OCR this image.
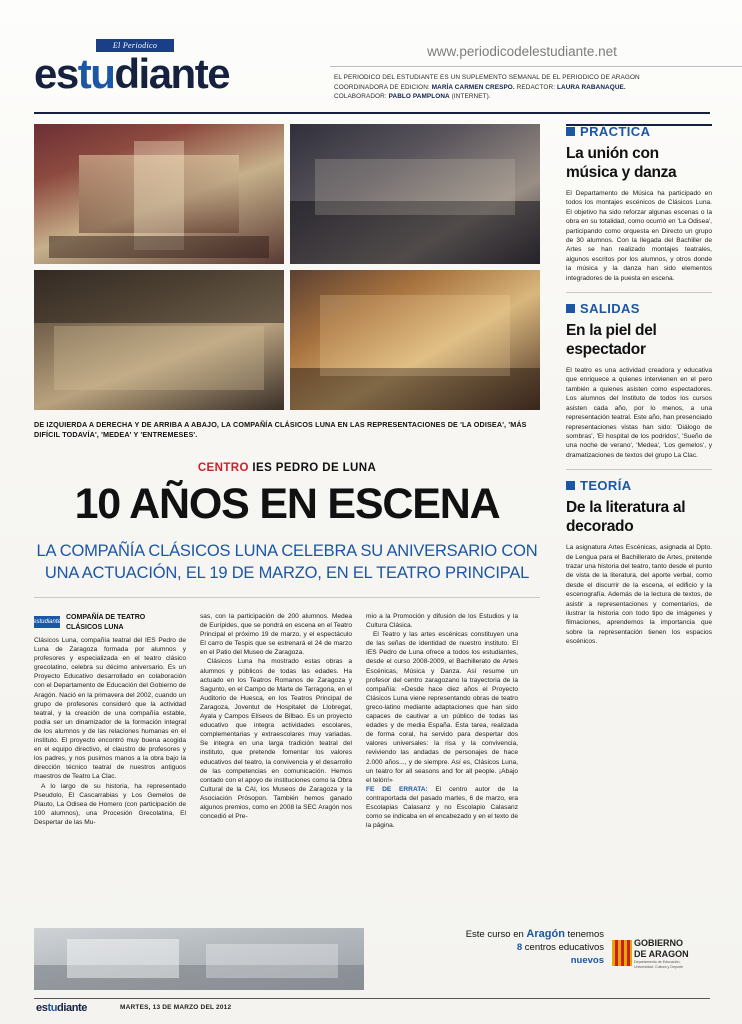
El Periodico
estudiante	www.periodicodelestudiante.net
EL PERIODICO DEL ESTUDIANTE ES UN SUPLEMENTO SEMANAL DE EL PERIODICO DE ARAGON
COORDINADORA DE EDICION: MARÍA CARMEN CRESPO. REDACTOR: LAURA RABANAQUE.
COLABORADOR: PABLO PAMPLONA (INTERNET).
DE IZQUIERDA A DERECHA Y DE ARRIBA A ABAJO, LA COMPAÑÍA CLÁSICOS LUNA EN LAS REPRESENTACIONES DE 'LA ODISEA', 'MÁS DIFÍCIL TODAVÍA', 'MEDEA' Y 'ENTREMESES'.
CENTRO IES PEDRO DE LUNA
10 AÑOS EN ESCENA
LA COMPAÑÍA CLÁSICOS LUNA CELEBRA SU ANIVERSARIO CON UNA ACTUACIÓN, EL 19 DE MARZO, EN EL TEATRO PRINCIPAL
estudiante
COMPAÑÍA DE TEATRO CLÁSICOS LUNA

Clásicos Luna, compañía teatral del IES Pedro de Luna de Zaragoza formada por alumnos y profesores y especializada en el teatro clásico grecolatino, celebra su décimo aniversario. Es un Proyecto Educativo desarrollado en colaboración con el Departamento de Educación del Gobierno de Aragón. Nació en la primavera del 2002, cuando un grupo de profesores consideró que la actividad teatral, y la creación de una compañía estable, podía ser un dinamizador de la formación integral de los alumnos y de las relaciones humanas en el instituto. El proyecto encontró muy buena acogida en el equipo directivo, el claustro de profesores y los padres, y nos pusimos manos a la obra bajo la dirección técnico teatral de nuestros antiguos maestros de Teatro La Clac.

A lo largo de su historia, ha representado Pseudolo, El Cascarrabias y Los Gemelos de Plauto, La Odisea de Homero (con participación de 100 alumnos), una Procesión Grecolatina, El Despertar de las Mu-

sas, con la participación de 200 alumnos. Medea de Eurípides, que se pondrá en escena en el Teatro Principal el próximo 19 de marzo, y el espectáculo El carro de Tespis que se estrenará el 24 de marzo en el Patio del Museo de Zaragoza.

Clásicos Luna ha mostrado estas obras a alumnos y públicos de todas las edades. Ha actuado en los Teatros Romanos de Zaragoza y Sagunto, en el Campo de Marte de Tarragona, en el Auditorio de Huesca, en los Teatros Principal de Zaragoza, Joventut de Hospitalet de Llobregat, Ayala y Campos Elíseos de Bilbao. Es un proyecto educativo que integra actividades escolares, complementarias y extraescolares muy variadas. Se integra en una larga tradición teatral del instituto, que pretende fomentar los valores educativos del teatro, la convivencia y el desarrollo de las competencias en comunicación. Hemos contado con el apoyo de instituciones como la Obra Cultural de la CAI, los Museos de Zaragoza y la Asociación Prósopon. También hemos ganado algunos premios, como en 2008 la SEC Aragón nos concedió el Pre-

mio a la Promoción y difusión de los Estudios y la Cultura Clásica.

El Teatro y las artes escénicas constituyen una de las señas de identidad de nuestro instituto. El IES Pedro de Luna ofrece a todos los estudiantes, desde el curso 2008-2009, el Bachillerato de Artes Escénicas, Música y Danza. Así resume un profesor del centro zaragozano la trayectoria de la compañía: «Desde hace diez años el Proyecto Clásicos Luna viene representando obras de teatro greco-latino mediante adaptaciones que han sido capaces de cautivar a un público de todas las edades y de media España. Esta tarea, realizada de forma coral, ha servido para despertar dos valores universales: la risa y la convivencia, reviviendo las andadas de personajes de hace 2.000 años..., y de siempre. Así es, Clásicos Luna, un teatro for all seasons and for all people. ¡Abajo el telón!»

FE DE ERRATA: El centro autor de la contraportada del pasado martes, 6 de marzo, era Escolapias Calasanz y no Escolapio Calasanz como se indicaba en el encabezado y en el texto de la página.

PRÁCTICA
La unión con música y danza
El Departamento de Música ha participado en todos los montajes escénicos de Clásicos Luna. El objetivo ha sido reforzar algunas escenas o la obra en su totalidad, como ocurrió en 'La Odisea', participando como orquesta en Directo un grupo de 30 alumnos. Con la llegada del Bachiller de Artes se han realizado montajes teatrales, algunos escritos por los alumnos, y otros donde la música y la danza han sido elementos integradores de la puesta en escena.
SALIDAS
En la piel del espectador
El teatro es una actividad creadora y educativa que enriquece a quienes intervienen en el pero también a quienes asisten como espectadores. Los alumnos del Instituto de todos los cursos asisten cada año, por lo menos, a una representación teatral. Este año, han presenciado representaciones vistas han sido: 'Diálogo de sombras', 'El hospital de los podridos', 'Sueño de una noche de verano', 'Medea', 'Los gemelos', y dramatizaciones de textos del grupo La Clac.
TEORÍA
De la literatura al decorado
La asignatura Artes Escénicas, asignada al Dpto. de Lengua para el Bachillerato de Artes, pretende trazar una historia del teatro, tanto desde el punto de vista de la literatura, del aporte verbal, como desde el discurrir de la escena, el edificio y la escenografía. Además de la lectura de textos, de asistir a representaciones y comentarios, de ilustrar la historia con todo tipo de imágenes y filmaciones, aprendemos la importancia que sobre la representación tienen los espacios escénicos.
Este curso en Aragón tenemos
8 centros educativos
nuevos
GOBIERNO
DE ARAGON
Departamento de Educación,
Universidad, Cultura y Deporte
estudiante	MARTES, 13 DE MARZO DEL 2012
